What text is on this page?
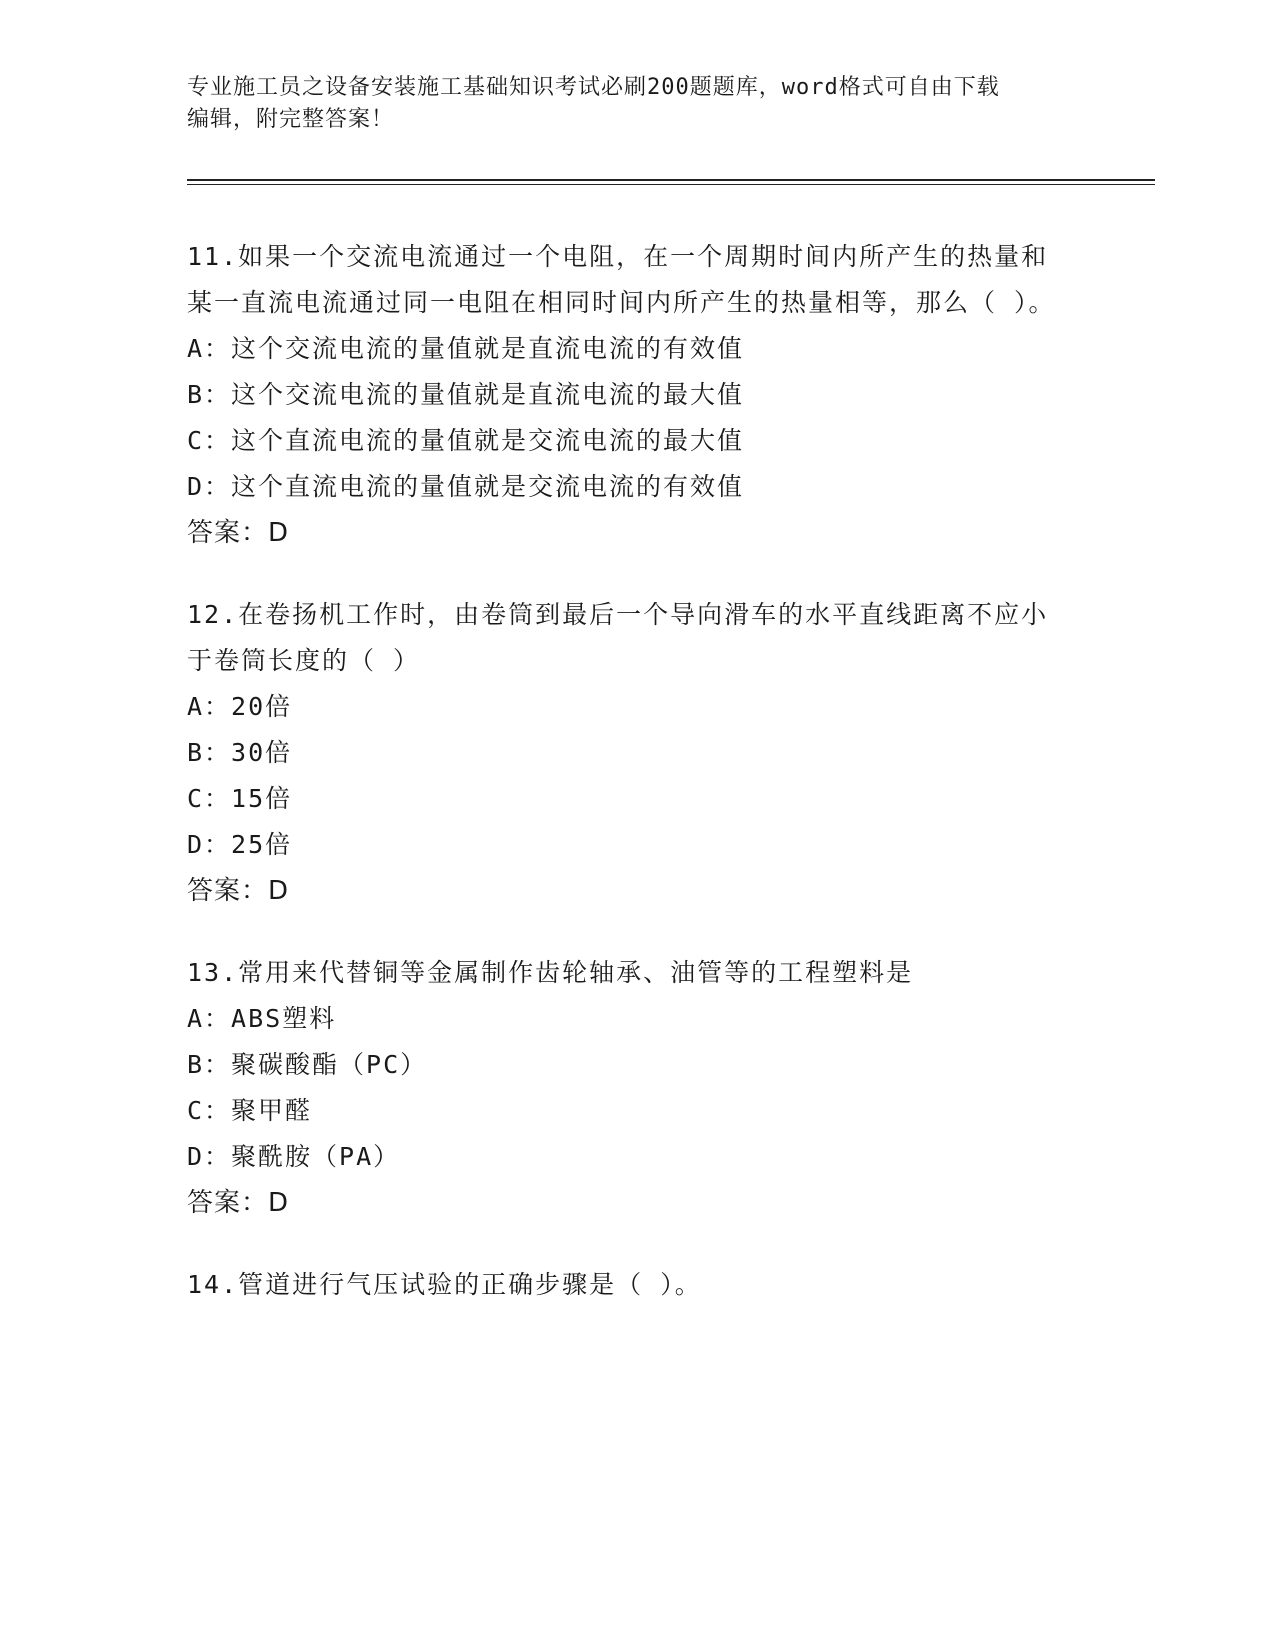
专业施工员之设备安装施工基础知识考试必刷200题题库，word格式可自由下载
编辑，附完整答案！
11.如果一个交流电流通过一个电阻，在一个周期时间内所产生的热量和某一直流电流通过同一电阻在相同时间内所产生的热量相等，那么（ ）。
A：这个交流电流的量值就是直流电流的有效值
B：这个交流电流的量值就是直流电流的最大值
C：这个直流电流的量值就是交流电流的最大值
D：这个直流电流的量值就是交流电流的有效值
答案：D
12.在卷扬机工作时，由卷筒到最后一个导向滑车的水平直线距离不应小于卷筒长度的（ ）
A：20倍
B：30倍
C：15倍
D：25倍
答案：D
13.常用来代替铜等金属制作齿轮轴承、油管等的工程塑料是
A：ABS塑料
B：聚碳酸酯（PC）
C：聚甲醛
D：聚酰胺（PA）
答案：D
14.管道进行气压试验的正确步骤是（ ）。
